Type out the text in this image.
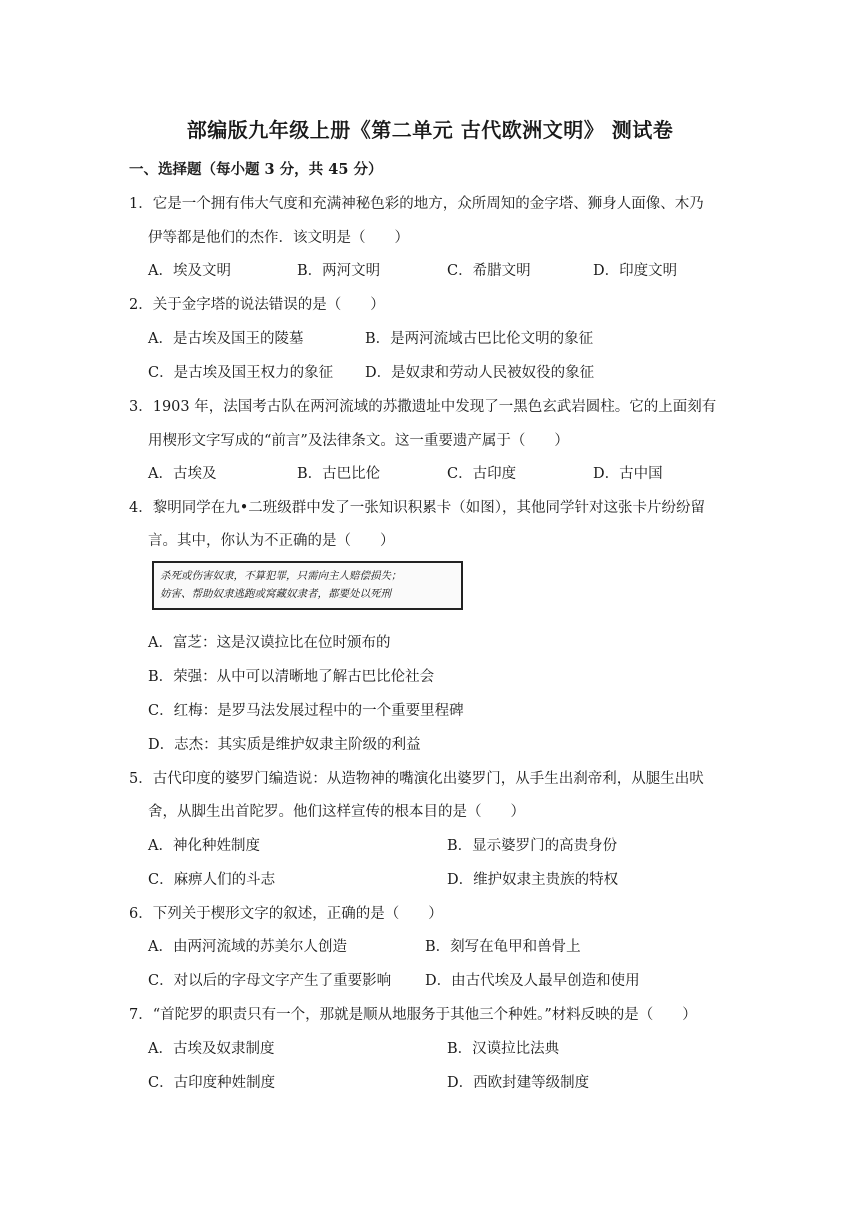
部编版九年级上册《第二单元 古代欧洲文明》 测试卷
一、选择题（每小题 3 分，共 45 分）
1．它是一个拥有伟大气度和充满神秘色彩的地方，众所周知的金字塔、狮身人面像、木乃
伊等都是他们的杰作．该文明是（　　）
A．埃及文明	B．两河文明	C．希腊文明	D．印度文明
2．关于金字塔的说法错误的是（　　）
A．是古埃及国王的陵墓	B．是两河流域古巴比伦文明的象征
C．是古埃及国王权力的象征 D．是奴隶和劳动人民被奴役的象征
3．1903 年，法国考古队在两河流域的苏撒遗址中发现了一黑色玄武岩圆柱。它的上面刻有
用楔形文字写成的“前言”及法律条文。这一重要遗产属于（　　）
A．古埃及	B．古巴比伦	C．古印度	D．古中国
4．黎明同学在九•二班级群中发了一张知识积累卡（如图），其他同学针对这张卡片纷纷留
言。其中，你认为不正确的是（　　）
杀死或伤害奴隶，不算犯罪，只需向主人赔偿损失；
妨害、帮助奴隶逃跑或窝藏奴隶者，都要处以死刑
A．富芝：这是汉谟拉比在位时颁布的
B．荣强：从中可以清晰地了解古巴比伦社会
C．红梅：是罗马法发展过程中的一个重要里程碑
D．志杰：其实质是维护奴隶主阶级的利益
5．古代印度的婆罗门编造说：从造物神的嘴演化出婆罗门，从手生出刹帝利，从腿生出吠
舍，从脚生出首陀罗。他们这样宣传的根本目的是（　　）
A．神化种姓制度	B．显示婆罗门的高贵身份
C．麻痹人们的斗志	D．维护奴隶主贵族的特权
6．下列关于楔形文字的叙述，正确的是（　　）
A．由两河流域的苏美尔人创造	B．刻写在龟甲和兽骨上
C．对以后的字母文字产生了重要影响 D．由古代埃及人最早创造和使用
7．“首陀罗的职责只有一个，那就是顺从地服务于其他三个种姓。”材料反映的是（　　）
A．古埃及奴隶制度	B．汉谟拉比法典
C．古印度种姓制度	D．西欧封建等级制度
